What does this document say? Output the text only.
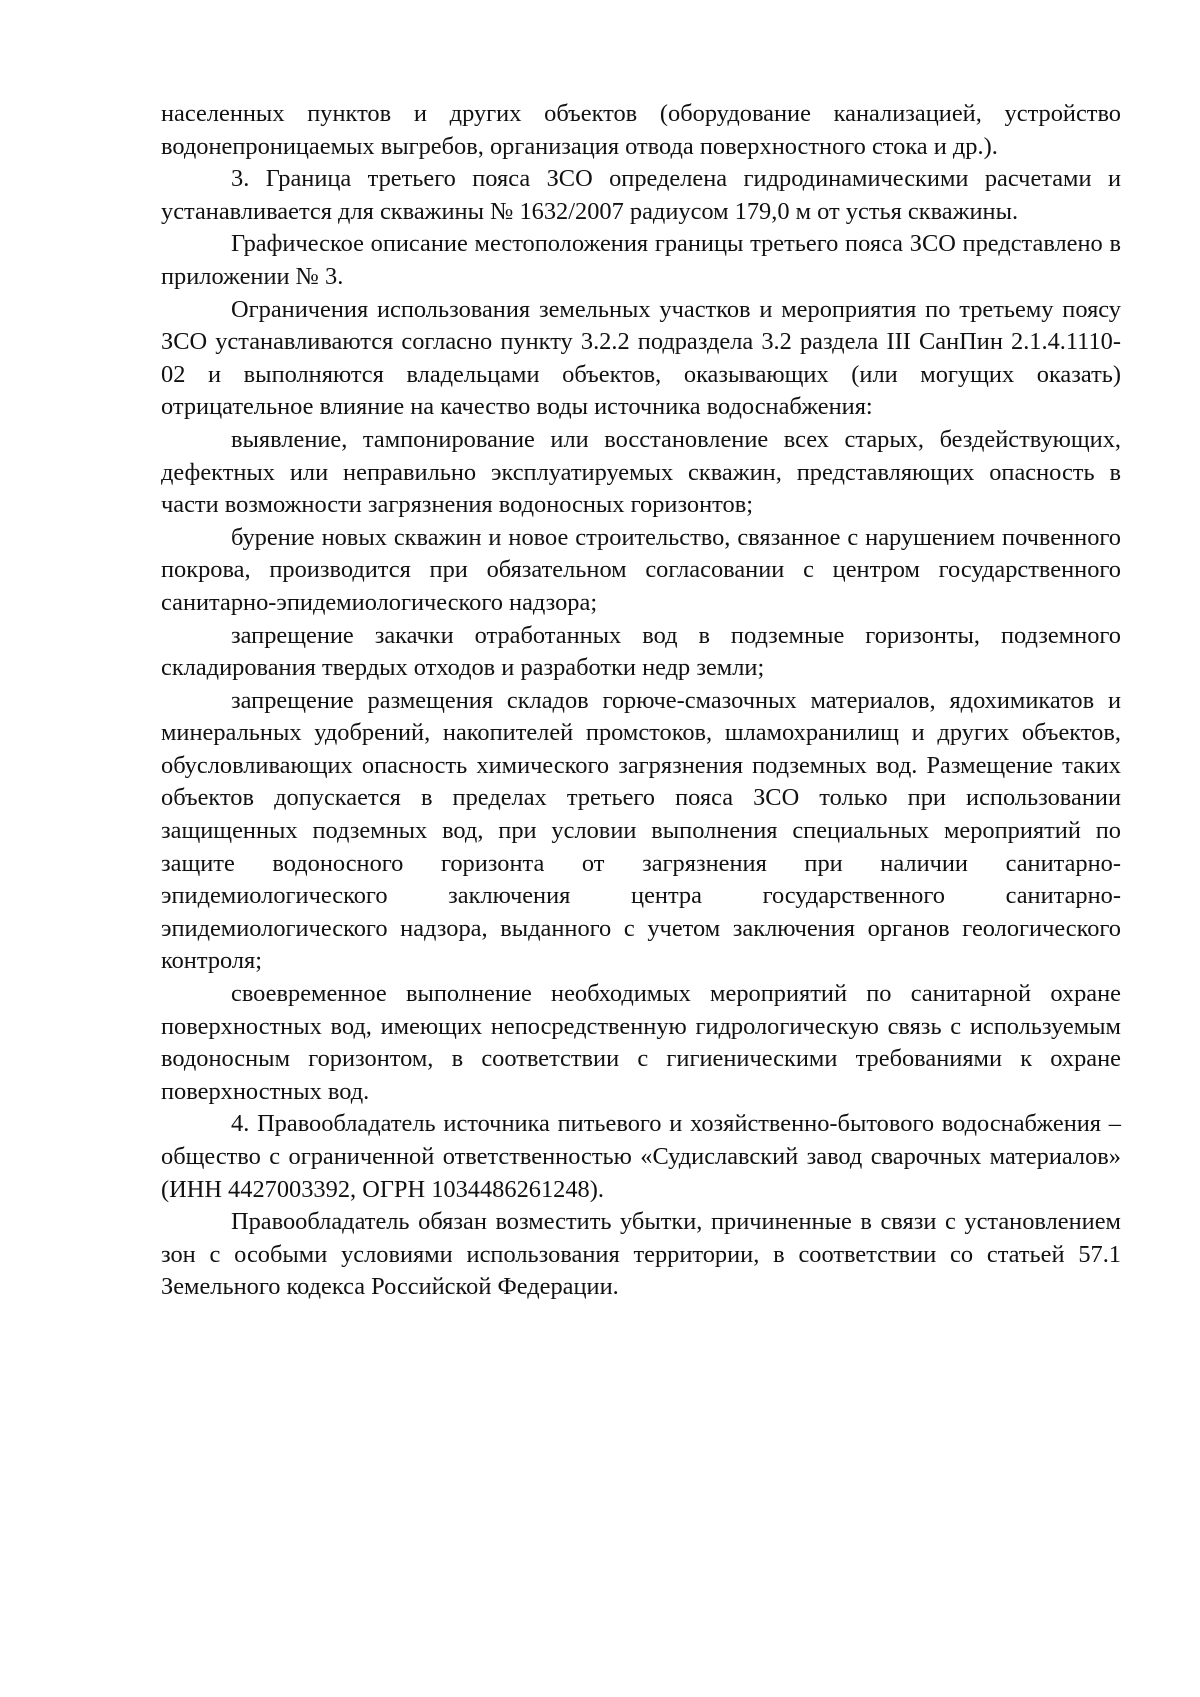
населенных пунктов и других объектов (оборудование канализацией, устройство водонепроницаемых выгребов, организация отвода поверхностного стока и др.).

3. Граница третьего пояса ЗСО определена гидродинамическими расчетами и устанавливается для скважины № 1632/2007 радиусом 179,0 м от устья скважины.

Графическое описание местоположения границы третьего пояса ЗСО представлено в приложении № 3.

Ограничения использования земельных участков и мероприятия по третьему поясу ЗСО устанавливаются согласно пункту 3.2.2 подраздела 3.2 раздела III СанПин 2.1.4.1110-02 и выполняются владельцами объектов, оказывающих (или могущих оказать) отрицательное влияние на качество воды источника водоснабжения:

выявление, тампонирование или восстановление всех старых, бездействующих, дефектных или неправильно эксплуатируемых скважин, представляющих опасность в части возможности загрязнения водоносных горизонтов;

бурение новых скважин и новое строительство, связанное с нарушением почвенного покрова, производится при обязательном согласовании с центром государственного санитарно-эпидемиологического надзора;

запрещение закачки отработанных вод в подземные горизонты, подземного складирования твердых отходов и разработки недр земли;

запрещение размещения складов горюче-смазочных материалов, ядохимикатов и минеральных удобрений, накопителей промстоков, шламохранилищ и других объектов, обусловливающих опасность химического загрязнения подземных вод. Размещение таких объектов допускается в пределах третьего пояса ЗСО только при использовании защищенных подземных вод, при условии выполнения специальных мероприятий по защите водоносного горизонта от загрязнения при наличии санитарно-эпидемиологического заключения центра государственного санитарно-эпидемиологического надзора, выданного с учетом заключения органов геологического контроля;

своевременное выполнение необходимых мероприятий по санитарной охране поверхностных вод, имеющих непосредственную гидрологическую связь с используемым водоносным горизонтом, в соответствии с гигиеническими требованиями к охране поверхностных вод.

4. Правообладатель источника питьевого и хозяйственно-бытового водоснабжения – общество с ограниченной ответственностью «Судиславский завод сварочных материалов» (ИНН 4427003392, ОГРН 1034486261248).

Правообладатель обязан возместить убытки, причиненные в связи с установлением зон с особыми условиями использования территории, в соответствии со статьей 57.1 Земельного кодекса Российской Федерации.
